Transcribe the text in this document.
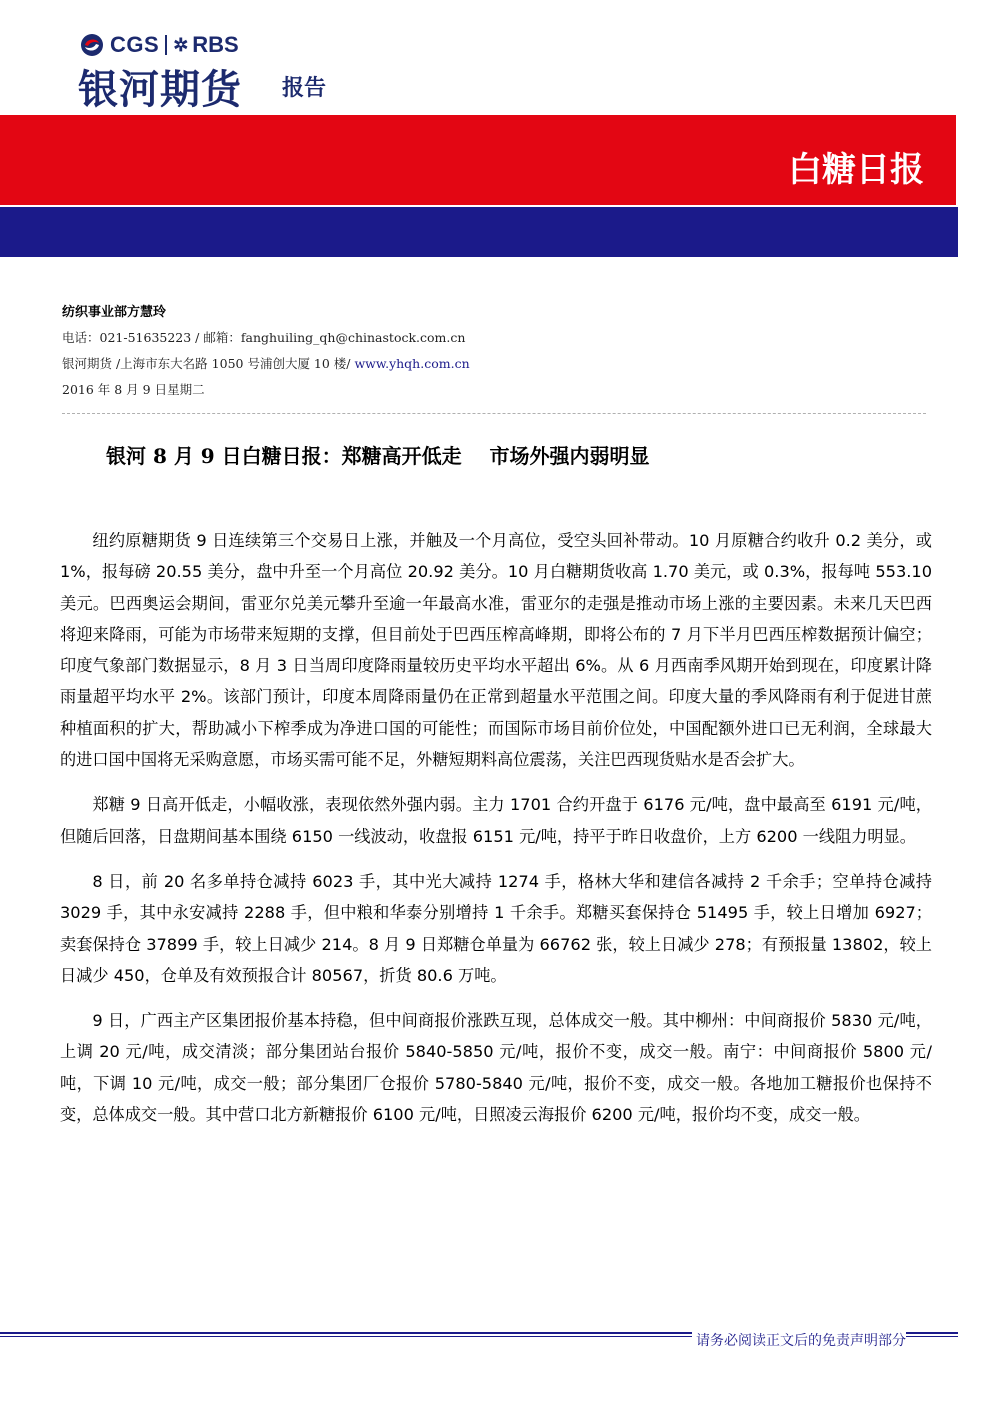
CGS ✲ RBS
银河期货 报告
白糖日报
纺织事业部方慧玲
电话：021-51635223 / 邮箱：fanghuiling_qh@chinastock.com.cn
银河期货 /上海市东大名路 1050 号浦创大厦 10 楼/ www.yhqh.com.cn
2016 年 8 月 9 日星期二
银河 8 月 9 日白糖日报：郑糖高开低走    市场外强内弱明显

纽约原糖期货 9 日连续第三个交易日上涨，并触及一个月高位，受空头回补带动。10 月原糖合约收升 0.2 美分，或 1%，报每磅 20.55 美分，盘中升至一个月高位 20.92 美分。10 月白糖期货收高 1.70 美元，或 0.3%，报每吨 553.10 美元。巴西奥运会期间，雷亚尔兑美元攀升至逾一年最高水准，雷亚尔的走强是推动市场上涨的主要因素。未来几天巴西将迎来降雨，可能为市场带来短期的支撑，但目前处于巴西压榨高峰期，即将公布的 7 月下半月巴西压榨数据预计偏空；印度气象部门数据显示，8 月 3 日当周印度降雨量较历史平均水平超出 6%。从 6 月西南季风期开始到现在，印度累计降雨量超平均水平 2%。该部门预计，印度本周降雨量仍在正常到超量水平范围之间。印度大量的季风降雨有利于促进甘蔗种植面积的扩大，帮助减小下榨季成为净进口国的可能性；而国际市场目前价位处，中国配额外进口已无利润，全球最大的进口国中国将无采购意愿，市场买需可能不足，外糖短期料高位震荡，关注巴西现货贴水是否会扩大。

郑糖 9 日高开低走，小幅收涨，表现依然外强内弱。主力 1701 合约开盘于 6176 元/吨，盘中最高至 6191 元/吨，但随后回落，日盘期间基本围绕 6150 一线波动，收盘报 6151 元/吨，持平于昨日收盘价，上方 6200 一线阻力明显。

8 日，前 20 名多单持仓减持 6023 手，其中光大减持 1274 手，格林大华和建信各减持 2 千余手；空单持仓减持 3029 手，其中永安减持 2288 手，但中粮和华泰分别增持 1 千余手。郑糖买套保持仓 51495 手，较上日增加 6927；卖套保持仓 37899 手，较上日减少 214。8 月 9 日郑糖仓单量为 66762 张，较上日减少 278；有预报量 13802，较上日减少 450，仓单及有效预报合计 80567，折货 80.6 万吨。

9 日，广西主产区集团报价基本持稳，但中间商报价涨跌互现，总体成交一般。其中柳州：中间商报价 5830 元/吨，上调 20 元/吨，成交清淡；部分集团站台报价 5840-5850 元/吨，报价不变，成交一般。南宁：中间商报价 5800 元/吨，下调 10 元/吨，成交一般；部分集团厂仓报价 5780-5840 元/吨，报价不变，成交一般。各地加工糖报价也保持不变，总体成交一般。其中营口北方新糖报价 6100 元/吨，日照凌云海报价 6200 元/吨，报价均不变，成交一般。

请务必阅读正文后的免责声明部分
